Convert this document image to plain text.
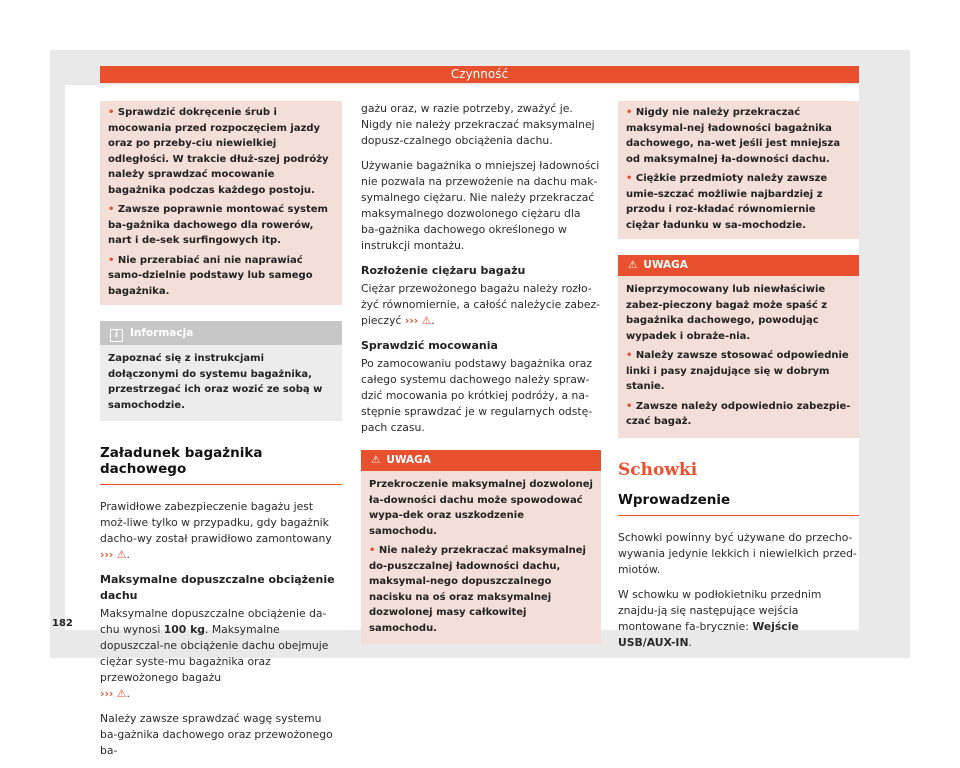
Czynność
• Sprawdzić dokręcenie śrub i mocowania przed rozpoczęciem jazdy oraz po przeby-ciu niewielkiej odległości. W trakcie dłuż-szej podróży należy sprawdzać mocowanie bagażnika podczas każdego postoju.
• Zawsze poprawnie montować system ba-gażnika dachowego dla rowerów, nart i de-sek surfingowych itp.
• Nie przerabiać ani nie naprawiać samo-dzielnie podstawy lub samego bagażnika.
i Informacja
Zapoznać się z instrukcjami dołączonymi do systemu bagażnika, przestrzegać ich oraz wozić ze sobą w samochodzie.
Załadunek bagażnika dachowego

Prawidłowe zabezpieczenie bagażu jest moż-liwe tylko w przypadku, gdy bagażnik dacho-wy został prawidłowo zamontowany ››› ⚠.

Maksymalne dopuszczalne obciążenie dachu

Maksymalne dopuszczalne obciążenie da-chu wynosi 100 kg. Maksymalne dopuszczal-ne obciążenie dachu obejmuje ciężar syste-mu bagażnika oraz przewożonego bagażu
››› ⚠.

Należy zawsze sprawdzać wagę systemu ba-gażnika dachowego oraz przewożonego ba-

gażu oraz, w razie potrzeby, zważyć je. Nigdy nie należy przekraczać maksymalnej dopusz-czalnego obciążenia dachu.

Używanie bagażnika o mniejszej ładowności nie pozwala na przewożenie na dachu mak-symalnego ciężaru. Nie należy przekraczać maksymalnego dozwolonego ciężaru dla ba-gażnika dachowego określonego w instrukcji montażu.

Rozłożenie ciężaru bagażu

Ciężar przewożonego bagażu należy rozło-żyć równomiernie, a całość należycie zabez-pieczyć ››› ⚠.

Sprawdzić mocowania

Po zamocowaniu podstawy bagażnika oraz całego systemu dachowego należy spraw-dzić mocowania po krótkiej podróży, a na-stępnie sprawdzać je w regularnych odstę-pach czasu.

⚠ UWAGA
Przekroczenie maksymalnej dozwolonej ła-downości dachu może spowodować wypa-dek oraz uszkodzenie samochodu.
• Nie należy przekraczać maksymalnej do-puszczalnej ładowności dachu, maksymal-nego dopuszczalnego nacisku na oś oraz maksymalnej dozwolonej masy całkowitej samochodu.
• Nigdy nie należy przekraczać maksymal-nej ładowności bagażnika dachowego, na-wet jeśli jest mniejsza od maksymalnej ła-downości dachu.
• Ciężkie przedmioty należy zawsze umie-szczać możliwie najbardziej z przodu i roz-kładać równomiernie ciężar ładunku w sa-mochodzie.
⚠ UWAGA
Nieprzymocowany lub niewłaściwie zabez-pieczony bagaż może spaść z bagażnika dachowego, powodując wypadek i obraże-nia.
• Należy zawsze stosować odpowiednie linki i pasy znajdujące się w dobrym stanie.
• Zawsze należy odpowiednio zabezpie-czać bagaż.
Schowki
Wprowadzenie

Schowki powinny być używane do przecho-wywania jedynie lekkich i niewielkich przed-miotów.

W schowku w podłokietniku przednim znajdu-ją się następujące wejścia montowane fa-brycznie: Wejście USB/AUX-IN.

182
